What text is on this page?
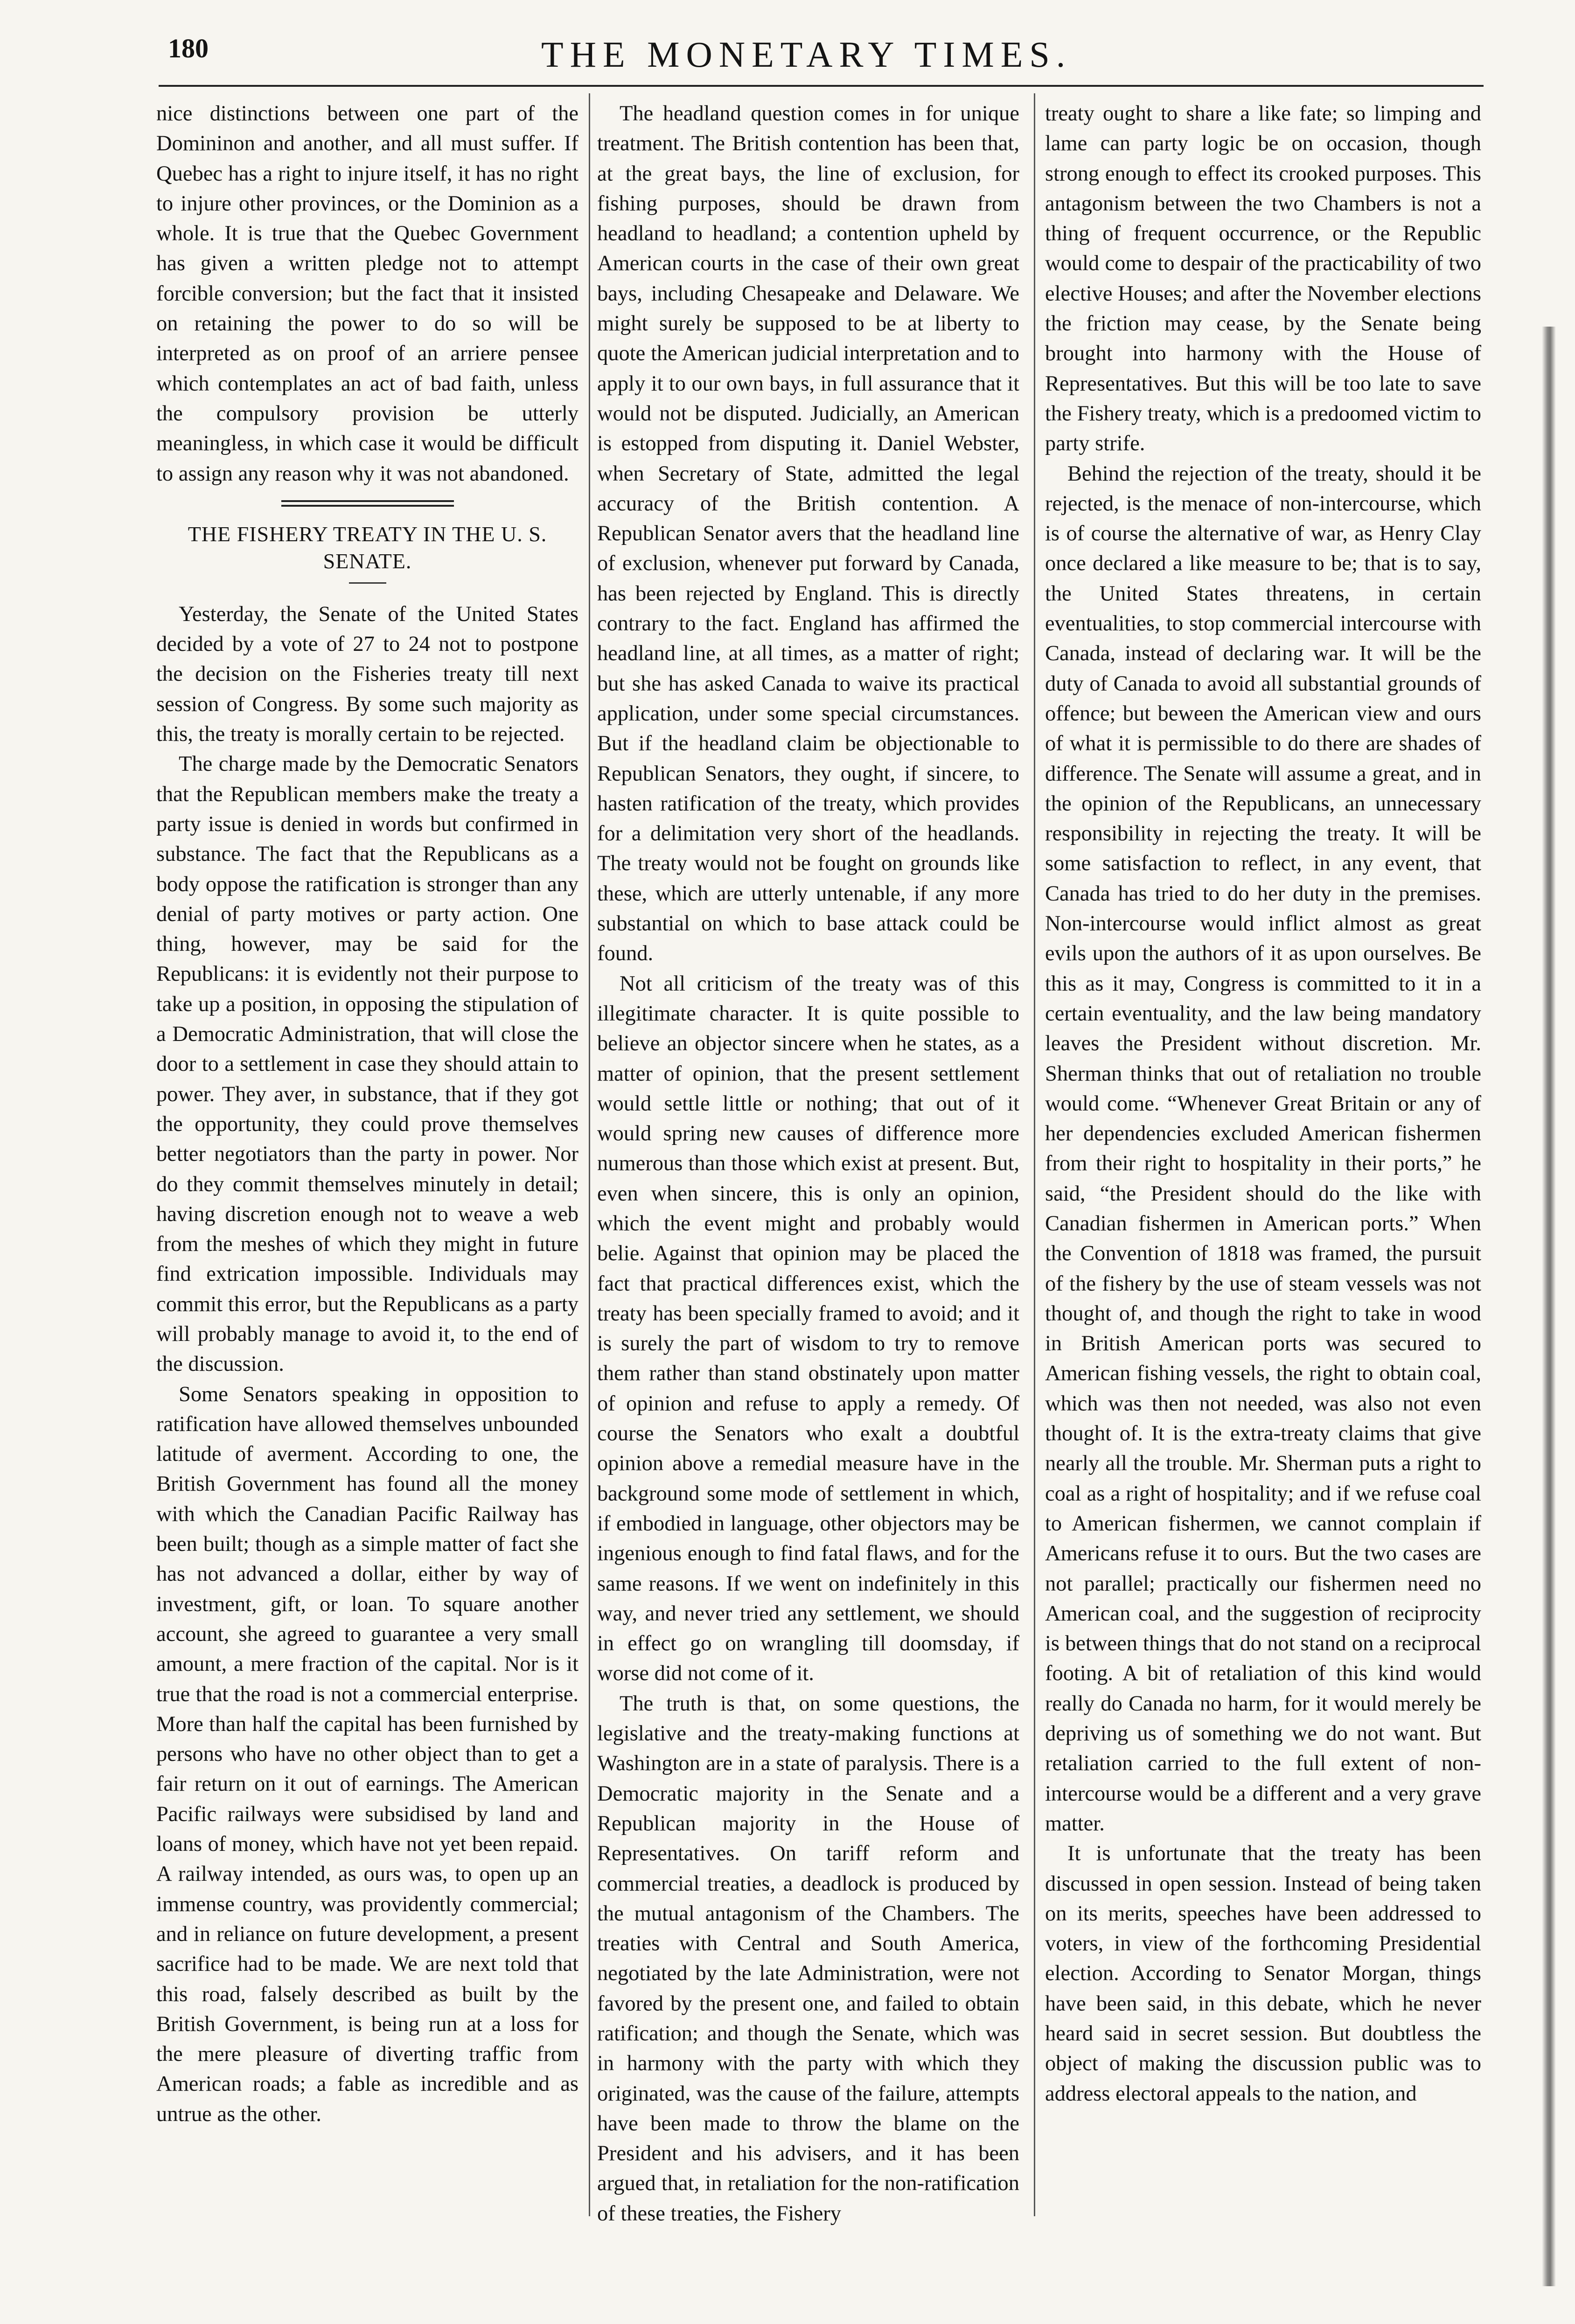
180	THE MONETARY TIMES.

nice distinctions between one part of the Domininon and another, and all must suffer. If Quebec has a right to injure itself, it has no right to injure other provinces, or the Dominion as a whole. It is true that the Quebec Government has given a written pledge not to attempt forcible conversion; but the fact that it insisted on retaining the power to do so will be interpreted as on proof of an arriere pensee which contemplates an act of bad faith, unless the compulsory provision be utterly meaningless, in which case it would be difficult to assign any reason why it was not abandoned.

THE FISHERY TREATY IN THE U. S. SENATE.

Yesterday, the Senate of the United States decided by a vote of 27 to 24 not to postpone the decision on the Fisheries treaty till next session of Congress. By some such majority as this, the treaty is morally certain to be rejected.

The charge made by the Democratic Senators that the Republican members make the treaty a party issue is denied in words but confirmed in substance. The fact that the Republicans as a body oppose the ratification is stronger than any denial of party motives or party action. One thing, however, may be said for the Republicans: it is evidently not their purpose to take up a position, in opposing the stipulation of a Democratic Administration, that will close the door to a settlement in case they should attain to power. They aver, in substance, that if they got the opportunity, they could prove themselves better negotiators than the party in power. Nor do they commit themselves minutely in detail; having discretion enough not to weave a web from the meshes of which they might in future find extrication impossible. Individuals may commit this error, but the Republicans as a party will probably manage to avoid it, to the end of the discussion.

Some Senators speaking in opposition to ratification have allowed themselves unbounded latitude of averment. According to one, the British Government has found all the money with which the Canadian Pacific Railway has been built; though as a simple matter of fact she has not advanced a dollar, either by way of investment, gift, or loan. To square another account, she agreed to guarantee a very small amount, a mere fraction of the capital. Nor is it true that the road is not a commercial enterprise. More than half the capital has been furnished by persons who have no other object than to get a fair return on it out of earnings. The American Pacific railways were subsidised by land and loans of money, which have not yet been repaid. A railway intended, as ours was, to open up an immense country, was providently commercial; and in reliance on future development, a present sacrifice had to be made. We are next told that this road, falsely described as built by the British Government, is being run at a loss for the mere pleasure of diverting traffic from American roads; a fable as incredible and as untrue as the other.

The headland question comes in for unique treatment. The British contention has been that, at the great bays, the line of exclusion, for fishing purposes, should be drawn from headland to headland; a contention upheld by American courts in the case of their own great bays, including Chesapeake and Delaware. We might surely be supposed to be at liberty to quote the American judicial interpretation and to apply it to our own bays, in full assurance that it would not be disputed. Judicially, an American is estopped from disputing it. Daniel Webster, when Secretary of State, admitted the legal accuracy of the British contention. A Republican Senator avers that the headland line of exclusion, whenever put forward by Canada, has been rejected by England. This is directly contrary to the fact. England has affirmed the headland line, at all times, as a matter of right; but she has asked Canada to waive its practical application, under some special circumstances. But if the headland claim be objectionable to Republican Senators, they ought, if sincere, to hasten ratification of the treaty, which provides for a delimitation very short of the headlands. The treaty would not be fought on grounds like these, which are utterly untenable, if any more substantial on which to base attack could be found.

Not all criticism of the treaty was of this illegitimate character. It is quite possible to believe an objector sincere when he states, as a matter of opinion, that the present settlement would settle little or nothing; that out of it would spring new causes of difference more numerous than those which exist at present. But, even when sincere, this is only an opinion, which the event might and probably would belie. Against that opinion may be placed the fact that practical differences exist, which the treaty has been specially framed to avoid; and it is surely the part of wisdom to try to remove them rather than stand obstinately upon matter of opinion and refuse to apply a remedy. Of course the Senators who exalt a doubtful opinion above a remedial measure have in the background some mode of settlement in which, if embodied in language, other objectors may be ingenious enough to find fatal flaws, and for the same reasons. If we went on indefinitely in this way, and never tried any settlement, we should in effect go on wrangling till doomsday, if worse did not come of it.

The truth is that, on some questions, the legislative and the treaty-making functions at Washington are in a state of paralysis. There is a Democratic majority in the Senate and a Republican majority in the House of Representatives. On tariff reform and commercial treaties, a deadlock is produced by the mutual antagonism of the Chambers. The treaties with Central and South America, negotiated by the late Administration, were not favored by the present one, and failed to obtain ratification; and though the Senate, which was in harmony with the party with which they originated, was the cause of the failure, attempts have been made to throw the blame on the President and his advisers, and it has been argued that, in retaliation for the non-ratification of these treaties, the Fishery

treaty ought to share a like fate; so limping and lame can party logic be on occasion, though strong enough to effect its crooked purposes. This antagonism between the two Chambers is not a thing of frequent occurrence, or the Republic would come to despair of the practicability of two elective Houses; and after the November elections the friction may cease, by the Senate being brought into harmony with the House of Representatives. But this will be too late to save the Fishery treaty, which is a predoomed victim to party strife.

Behind the rejection of the treaty, should it be rejected, is the menace of non-intercourse, which is of course the alternative of war, as Henry Clay once declared a like measure to be; that is to say, the United States threatens, in certain eventualities, to stop commercial intercourse with Canada, instead of declaring war. It will be the duty of Canada to avoid all substantial grounds of offence; but beween the American view and ours of what it is permissible to do there are shades of difference. The Senate will assume a great, and in the opinion of the Republicans, an unnecessary responsibility in rejecting the treaty. It will be some satisfaction to reflect, in any event, that Canada has tried to do her duty in the premises. Non-intercourse would inflict almost as great evils upon the authors of it as upon ourselves. Be this as it may, Congress is committed to it in a certain eventuality, and the law being mandatory leaves the President without discretion. Mr. Sherman thinks that out of retaliation no trouble would come. “Whenever Great Britain or any of her dependencies excluded American fishermen from their right to hospitality in their ports,” he said, “the President should do the like with Canadian fishermen in American ports.” When the Convention of 1818 was framed, the pursuit of the fishery by the use of steam vessels was not thought of, and though the right to take in wood in British American ports was secured to American fishing vessels, the right to obtain coal, which was then not needed, was also not even thought of. It is the extra-treaty claims that give nearly all the trouble. Mr. Sherman puts a right to coal as a right of hospitality; and if we refuse coal to American fishermen, we cannot complain if Americans refuse it to ours. But the two cases are not parallel; practically our fishermen need no American coal, and the suggestion of reciprocity is between things that do not stand on a reciprocal footing. A bit of retaliation of this kind would really do Canada no harm, for it would merely be depriving us of something we do not want. But retaliation carried to the full extent of non-intercourse would be a different and a very grave matter.

It is unfortunate that the treaty has been discussed in open session. Instead of being taken on its merits, speeches have been addressed to voters, in view of the forthcoming Presidential election. According to Senator Morgan, things have been said, in this debate, which he never heard said in secret session. But doubtless the object of making the discussion public was to address electoral appeals to the nation, and
